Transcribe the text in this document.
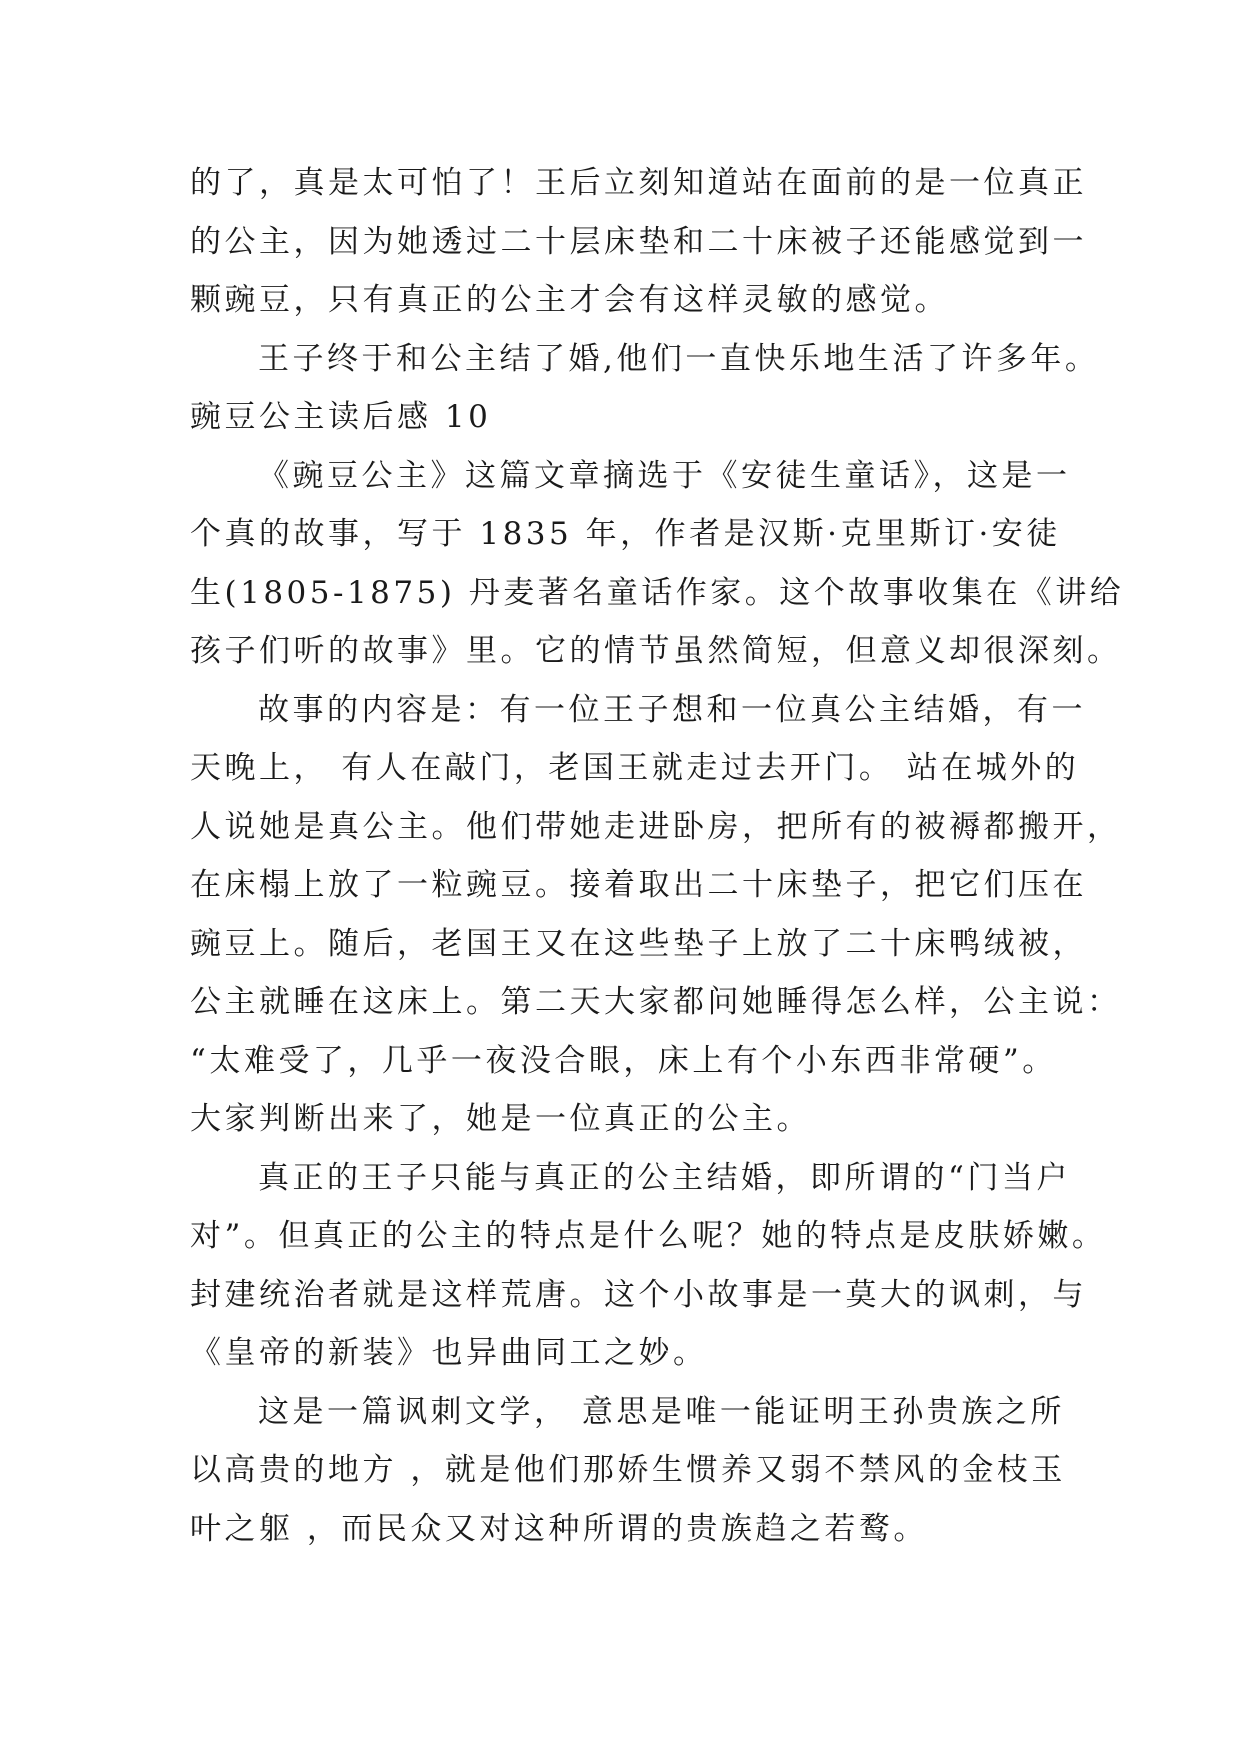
的了，真是太可怕了！王后立刻知道站在面前的是一位真正
的公主，因为她透过二十层床垫和二十床被子还能感觉到一
颗豌豆，只有真正的公主才会有这样灵敏的感觉。
王子终于和公主结了婚,他们一直快乐地生活了许多年。
豌豆公主读后感 10
《豌豆公主》这篇文章摘选于《安徒生童话》，这是一
个真的故事，写于 1835 年，作者是汉斯·克里斯订·安徒
生(1805-1875) 丹麦著名童话作家。这个故事收集在《讲给
孩子们听的故事》里。它的情节虽然简短，但意义却很深刻。
故事的内容是：有一位王子想和一位真公主结婚，有一
天晚上， 有人在敲门，老国王就走过去开门。 站在城外的
人说她是真公主。他们带她走进卧房，把所有的被褥都搬开，
在床榻上放了一粒豌豆。接着取出二十床垫子，把它们压在
豌豆上。随后，老国王又在这些垫子上放了二十床鸭绒被，
公主就睡在这床上。第二天大家都问她睡得怎么样，公主说：
“太难受了，几乎一夜没合眼，床上有个小东西非常硬”。
大家判断出来了，她是一位真正的公主。
真正的王子只能与真正的公主结婚，即所谓的“门当户
对”。但真正的公主的特点是什么呢？她的特点是皮肤娇嫩。
封建统治者就是这样荒唐。这个小故事是一莫大的讽刺，与
《皇帝的新装》也异曲同工之妙。
这是一篇讽刺文学， 意思是唯一能证明王孙贵族之所
以高贵的地方 ，就是他们那娇生惯养又弱不禁风的金枝玉
叶之躯 ，而民众又对这种所谓的贵族趋之若鹜。
